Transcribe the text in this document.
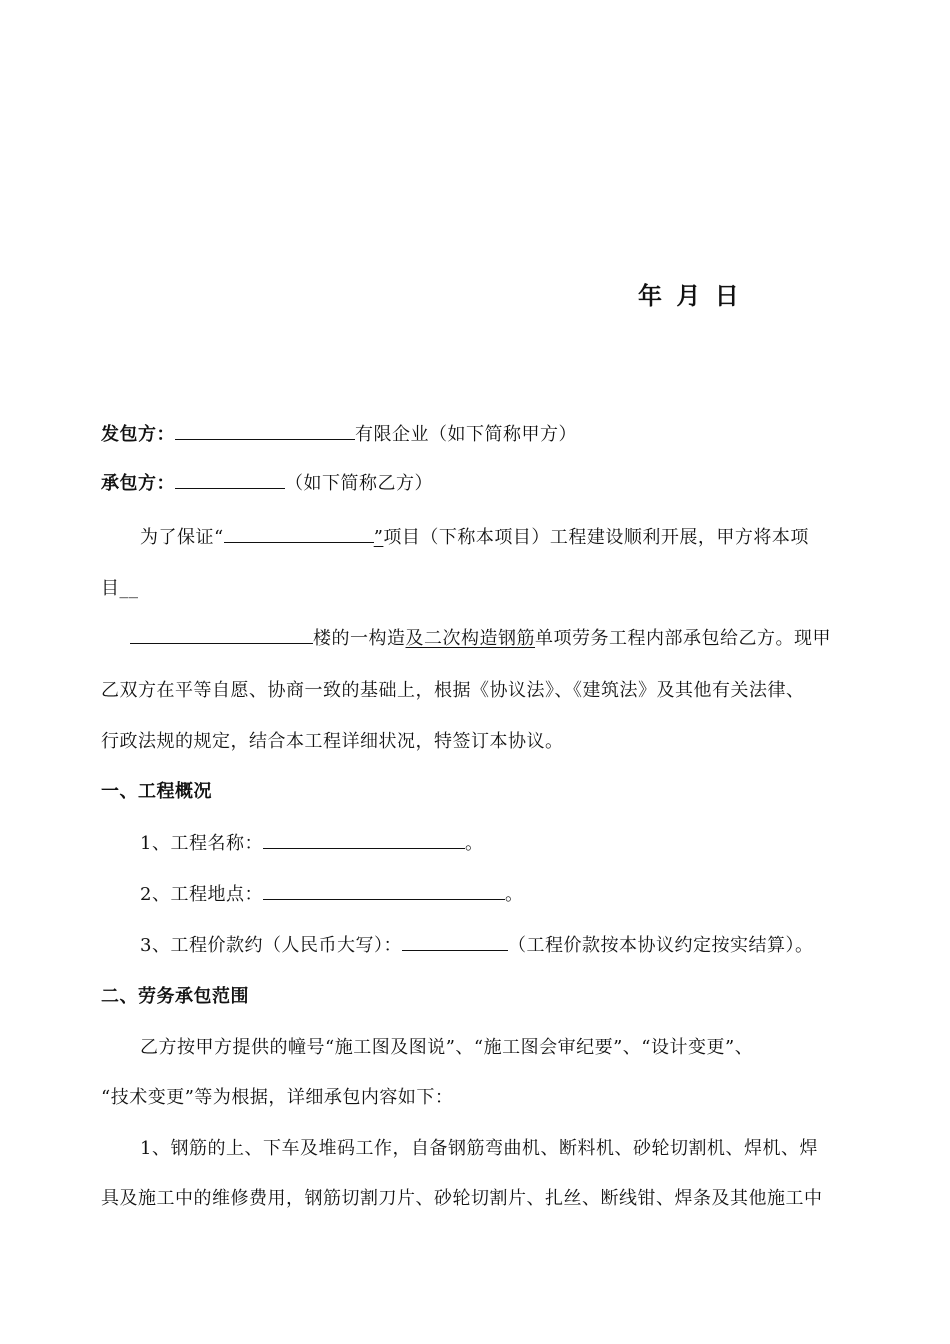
年 月 日
发包方：	有限企业（如下简称甲方）
承包方：	（如下简称乙方）
为了保证“	”项目（下称本项目）工程建设顺利开展，甲方将本项
目__
楼的一构造及二次构造钢筋单项劳务工程内部承包给乙方。现甲
乙双方在平等自愿、协商一致的基础上，根据《协议法》、《建筑法》及其他有关法律、
行政法规的规定，结合本工程详细状况，特签订本协议。
一、工程概况
1、工程名称：	。
2、工程地点：	。
3、工程价款约（人民币大写）：	（工程价款按本协议约定按实结算）。
二、劳务承包范围
乙方按甲方提供的幢号“施工图及图说”、“施工图会审纪要”、“设计变更”、
“技术变更”等为根据，详细承包内容如下：
1、钢筋的上、下车及堆码工作，自备钢筋弯曲机、断料机、砂轮切割机、焊机、焊
具及施工中的维修费用，钢筋切割刀片、砂轮切割片、扎丝、断线钳、焊条及其他施工中
